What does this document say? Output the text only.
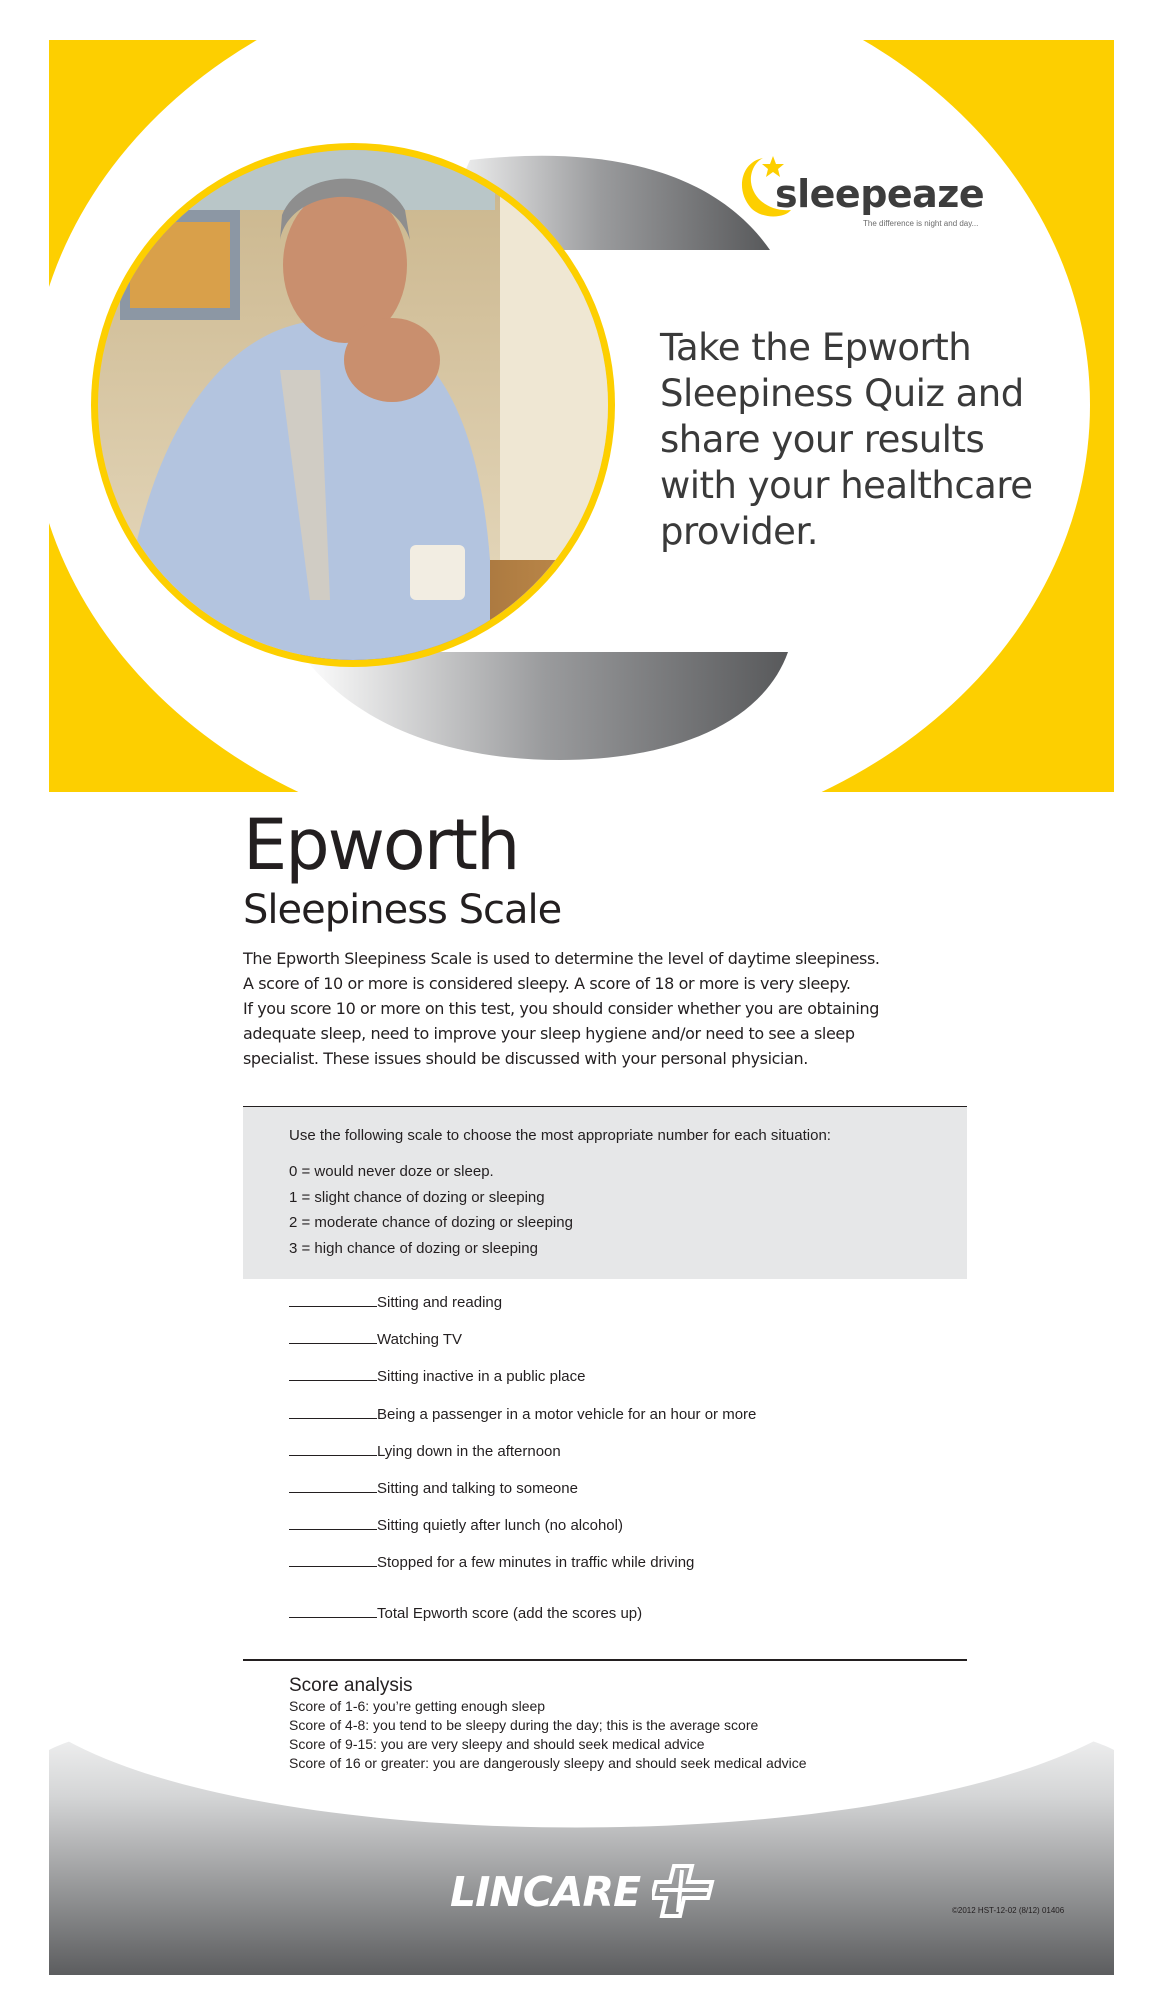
sleepeaze
The difference is night and day...
Take the Epworth Sleepiness Quiz and share your results with your healthcare provider.
Epworth
Sleepiness Scale

The Epworth Sleepiness Scale is used to determine the level of daytime sleepiness.

A score of 10 or more is considered sleepy. A score of 18 or more is very sleepy.

If you score 10 or more on this test, you should consider whether you are obtaining

adequate sleep, need to improve your sleep hygiene and/or need to see a sleep

specialist. These issues should be discussed with your personal physician.

Use the following scale to choose the most appropriate number for each situation:

0 = would never doze or sleep.
1 = slight chance of dozing or sleeping
2 = moderate chance of dozing or sleeping
3 = high chance of dozing or sleeping
Sitting and reading
Watching TV
Sitting inactive in a public place
Being a passenger in a motor vehicle for an hour or more
Lying down in the afternoon
Sitting and talking to someone
Sitting quietly after lunch (no alcohol)
Stopped for a few minutes in traffic while driving
Total Epworth score (add the scores up)
Score analysis
Score of 1-6: you’re getting enough sleep
Score of 4-8: you tend to be sleepy during the day; this is the average score
Score of 9-15: you are very sleepy and should seek medical advice
Score of 16 or greater: you are dangerously sleepy and should seek medical advice
LINCARE	©2012 HST-12-02 (8/12) 01406
